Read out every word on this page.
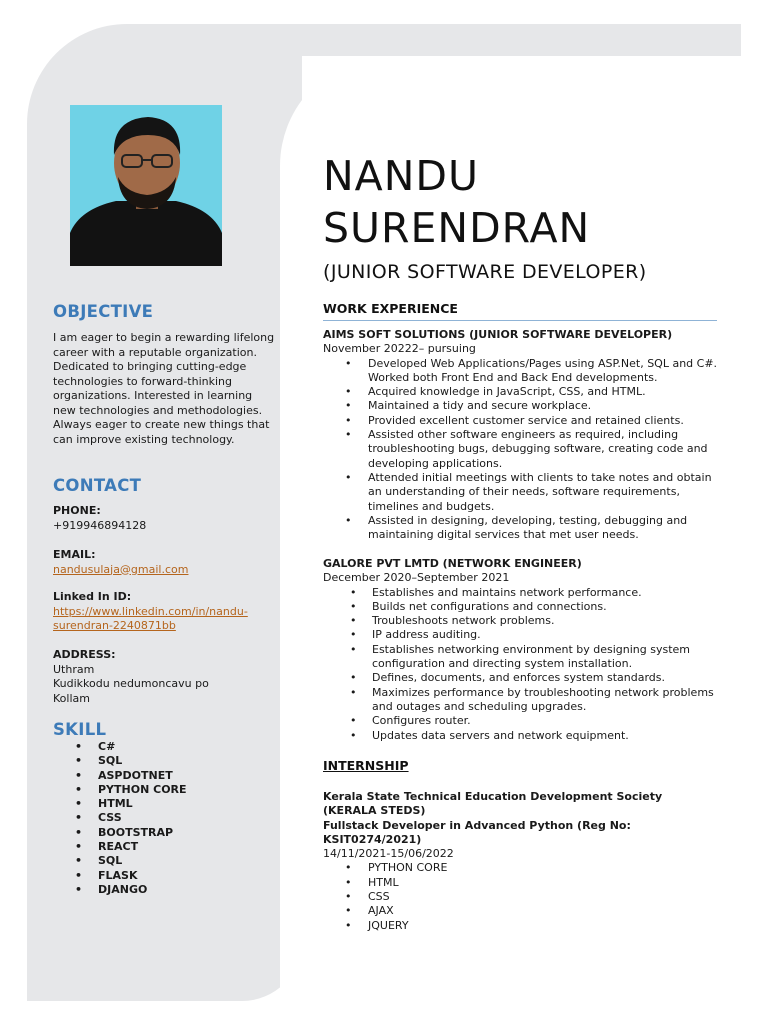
OBJECTIVE
I am eager to begin a rewarding lifelong career with a reputable organization. Dedicated to bringing cutting-edge technologies to forward-thinking organizations. Interested in learning new technologies and methodologies. Always eager to create new things that can improve existing technology.
CONTACT
PHONE:
+919946894128
EMAIL:
nandusulaja@gmail.com
Linked In ID:
https://www.linkedin.com/in/nandu-
surendran-2240871bb
ADDRESS:
Uthram
Kudikkodu nedumoncavu po
Kollam
SKILL
• C#
• SQL
• ASPDOTNET
• PYTHON CORE
• HTML
• CSS
• BOOTSTRAP
• REACT
• SQL
• FLASK
• DJANGO
NANDU
SURENDRAN
(JUNIOR SOFTWARE DEVELOPER)
WORK EXPERIENCE
AIMS SOFT SOLUTIONS (JUNIOR SOFTWARE DEVELOPER)
November 20222– pursuing
• Developed Web Applications/Pages using ASP.Net, SQL and C#. Worked both Front End and Back End developments.
• Acquired knowledge in JavaScript, CSS, and HTML.
• Maintained a tidy and secure workplace.
• Provided excellent customer service and retained clients.
• Assisted other software engineers as required, including troubleshooting bugs, debugging software, creating code and developing applications.
• Attended initial meetings with clients to take notes and obtain an understanding of their needs, software requirements, timelines and budgets.
• Assisted in designing, developing, testing, debugging and maintaining digital services that met user needs.
GALORE PVT LMTD (NETWORK ENGINEER)
December 2020–September 2021
• Establishes and maintains network performance.
• Builds net configurations and connections.
• Troubleshoots network problems.
• IP address auditing.
• Establishes networking environment by designing system configuration and directing system installation.
• Defines, documents, and enforces system standards.
• Maximizes performance by troubleshooting network problems and outages and scheduling upgrades.
• Configures router.
• Updates data servers and network equipment.
INTERNSHIP
Kerala State Technical Education Development Society (KERALA STEDS)
Fullstack Developer in Advanced Python (Reg No: KSIT0274/2021)
14/11/2021-15/06/2022
• PYTHON CORE
• HTML
• CSS
• AJAX
• JQUERY
